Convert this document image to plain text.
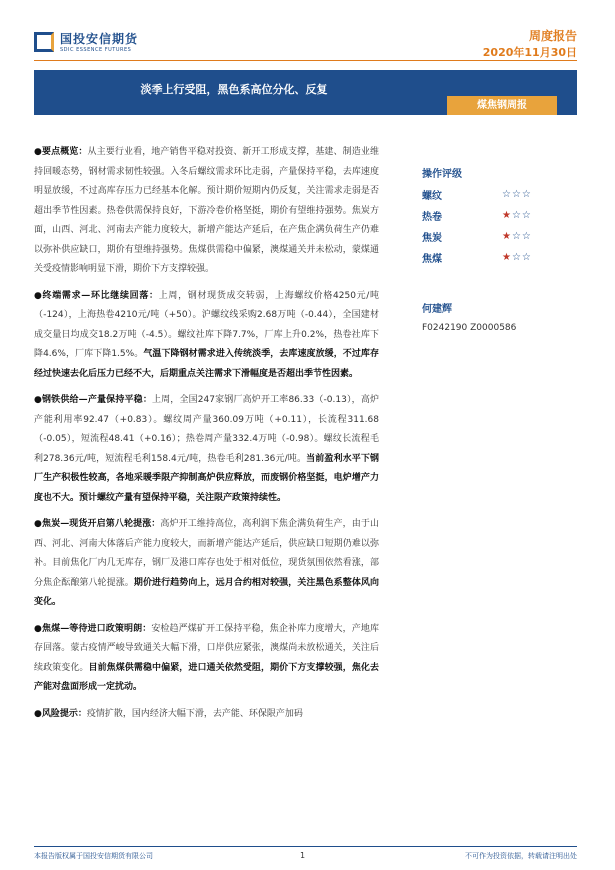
国投安信期货
SDIC ESSENCE FUTURES
周度报告
2020年11月30日
淡季上行受阻，黑色系高位分化、反复
煤焦钢周报

●要点概览：从主要行业看，地产销售平稳对投资、新开工形成支撑，基建、制造业维持回暖态势，钢材需求韧性较强。入冬后螺纹需求环比走弱，产量保持平稳，去库速度明显放缓，不过高库存压力已经基本化解。预计期价短期内仍反复，关注需求走弱是否超出季节性因素。热卷供需保持良好，下游冷卷价格坚挺，期价有望维持强势。焦炭方面，山西、河北、河南去产能力度较大，新增产能达产延后，在产焦企满负荷生产仍难以弥补供应缺口，期价有望维持强势。焦煤供需稳中偏紧，澳煤通关并未松动，蒙煤通关受疫情影响明显下滑，期价下方支撑较强。

●终端需求—环比继续回落：上周，钢材现货成交转弱，上海螺纹价格4250元/吨（-124），上海热卷4210元/吨（+50）。沪螺纹线采购2.68万吨（-0.44），全国建材成交量日均成交18.2万吨（-4.5）。螺纹社库下降7.7%，厂库上升0.2%，热卷社库下降4.6%，厂库下降1.5%。气温下降钢材需求进入传统淡季，去库速度放缓，不过库存经过快速去化后压力已经不大，后期重点关注需求下滑幅度是否超出季节性因素。

●钢铁供给—产量保持平稳：上周，全国247家钢厂高炉开工率86.33（-0.13），高炉产能利用率92.47（+0.83）。螺纹周产量360.09万吨（+0.11），长流程311.68（-0.05），短流程48.41（+0.16）；热卷周产量332.4万吨（-0.98）。螺纹长流程毛利278.36元/吨，短流程毛利158.4元/吨，热卷毛利281.36元/吨。当前盈利水平下钢厂生产积极性较高，各地采暖季限产抑制高炉供应释放，而废钢价格坚挺，电炉增产力度也不大。预计螺纹产量有望保持平稳，关注限产政策持续性。

●焦炭—现货开启第八轮提涨：高炉开工维持高位，高利润下焦企满负荷生产，由于山西、河北、河南大体落后产能力度较大，而新增产能达产延后，供应缺口短期仍难以弥补。目前焦化厂内几无库存，钢厂及港口库存也处于相对低位，现货氛围依然看涨，部分焦企酝酿第八轮提涨。期价进行趋势向上，远月合约相对较强，关注黑色系整体风向变化。

●焦煤—等待进口政策明朗：安检趋严煤矿开工保持平稳，焦企补库力度增大，产地库存回落。蒙古疫情严峻导致通关大幅下滑，口岸供应紧张，澳煤尚未放松通关，关注后续政策变化。目前焦煤供需稳中偏紧，进口通关依然受阻，期价下方支撑较强，焦化去产能对盘面形成一定扰动。

●风险提示：疫情扩散，国内经济大幅下滑，去产能、环保限产加码

操作评级
螺纹	☆☆☆
热卷	★☆☆
焦炭	★☆☆
焦煤	★☆☆
何建辉
F0242190 Z0000586
本报告版权属于国投安信期货有限公司	1	不可作为投资依据，转载请注明出处
